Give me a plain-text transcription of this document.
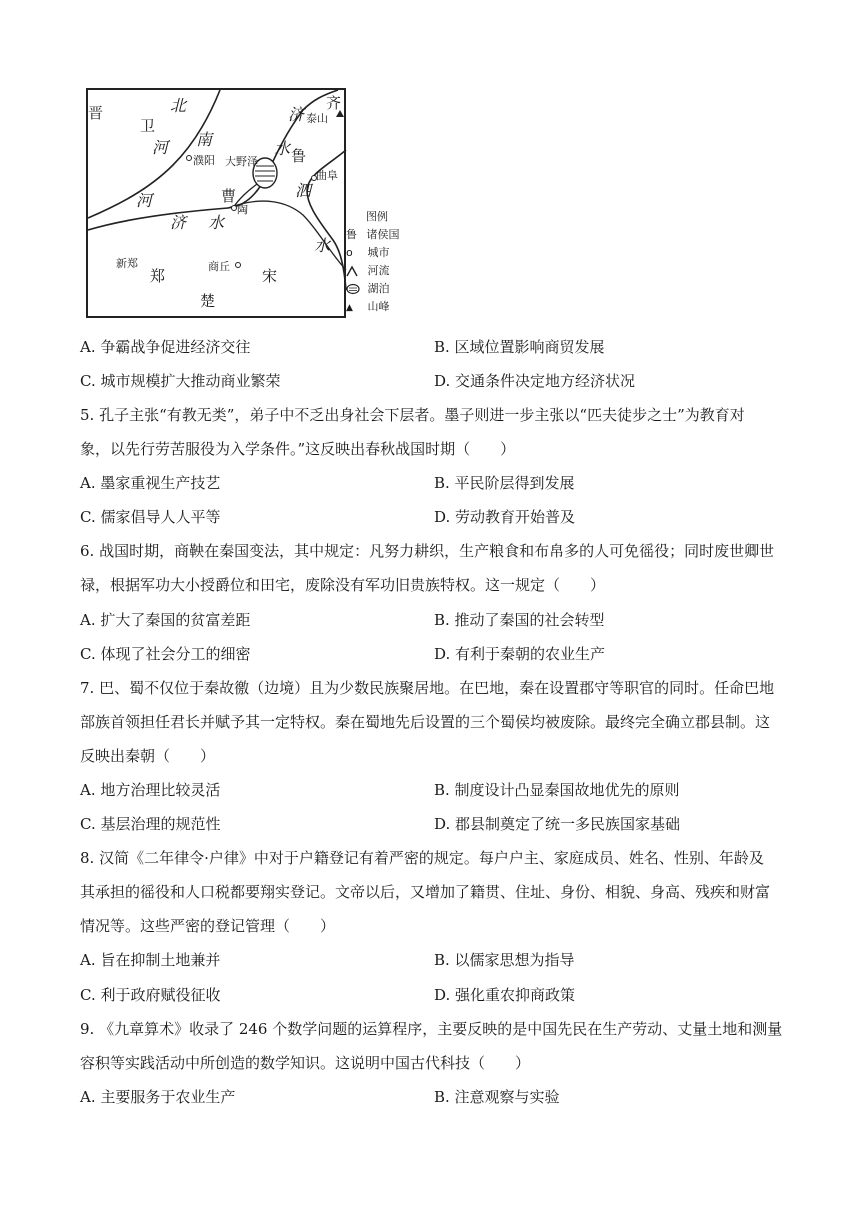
晋
卫
鲁
齐
曹
郑	宋
楚
北
河 南
河
济
水
济 水
泗
水
泰山
濮阳 大野泽
曲阜
陶
新郑	商丘
图例
鲁 诸侯国
o 城市
河流
湖泊
▲ 山峰
A. 争霸战争促进经济交往	B. 区域位置影响商贸发展
C. 城市规模扩大推动商业繁荣	D. 交通条件决定地方经济状况
5. 孔子主张“有教无类”，弟子中不乏出身社会下层者。墨子则进一步主张以“匹夫徒步之士”为教育对
象，以先行劳苦服役为入学条件。”这反映出春秋战国时期（　　）
A. 墨家重视生产技艺	B. 平民阶层得到发展
C. 儒家倡导人人平等	D. 劳动教育开始普及
6. 战国时期，商鞅在秦国变法，其中规定：凡努力耕织，生产粮食和布帛多的人可免徭役；同时废世卿世
禄，根据军功大小授爵位和田宅，废除没有军功旧贵族特权。这一规定（　　）
A. 扩大了秦国的贫富差距	B. 推动了秦国的社会转型
C. 体现了社会分工的细密	D. 有利于秦朝的农业生产
7. 巴、蜀不仅位于秦故徼（边境）且为少数民族聚居地。在巴地，秦在设置郡守等职官的同时。任命巴地
部族首领担任君长并赋予其一定特权。秦在蜀地先后设置的三个蜀侯均被废除。最终完全确立郡县制。这
反映出秦朝（　　）
A. 地方治理比较灵活	B. 制度设计凸显秦国故地优先的原则
C. 基层治理的规范性	D. 郡县制奠定了统一多民族国家基础
8. 汉简《二年律令·户律》中对于户籍登记有着严密的规定。每户户主、家庭成员、姓名、性别、年龄及
其承担的徭役和人口税都要翔实登记。文帝以后，又增加了籍贯、住址、身份、相貌、身高、残疾和财富
情况等。这些严密的登记管理（　　）
A. 旨在抑制土地兼并	B. 以儒家思想为指导
C. 利于政府赋役征收	D. 强化重农抑商政策
9. 《九章算术》收录了 246 个数学问题的运算程序，主要反映的是中国先民在生产劳动、丈量土地和测量
容积等实践活动中所创造的数学知识。这说明中国古代科技（　　）
A. 主要服务于农业生产	B. 注意观察与实验
